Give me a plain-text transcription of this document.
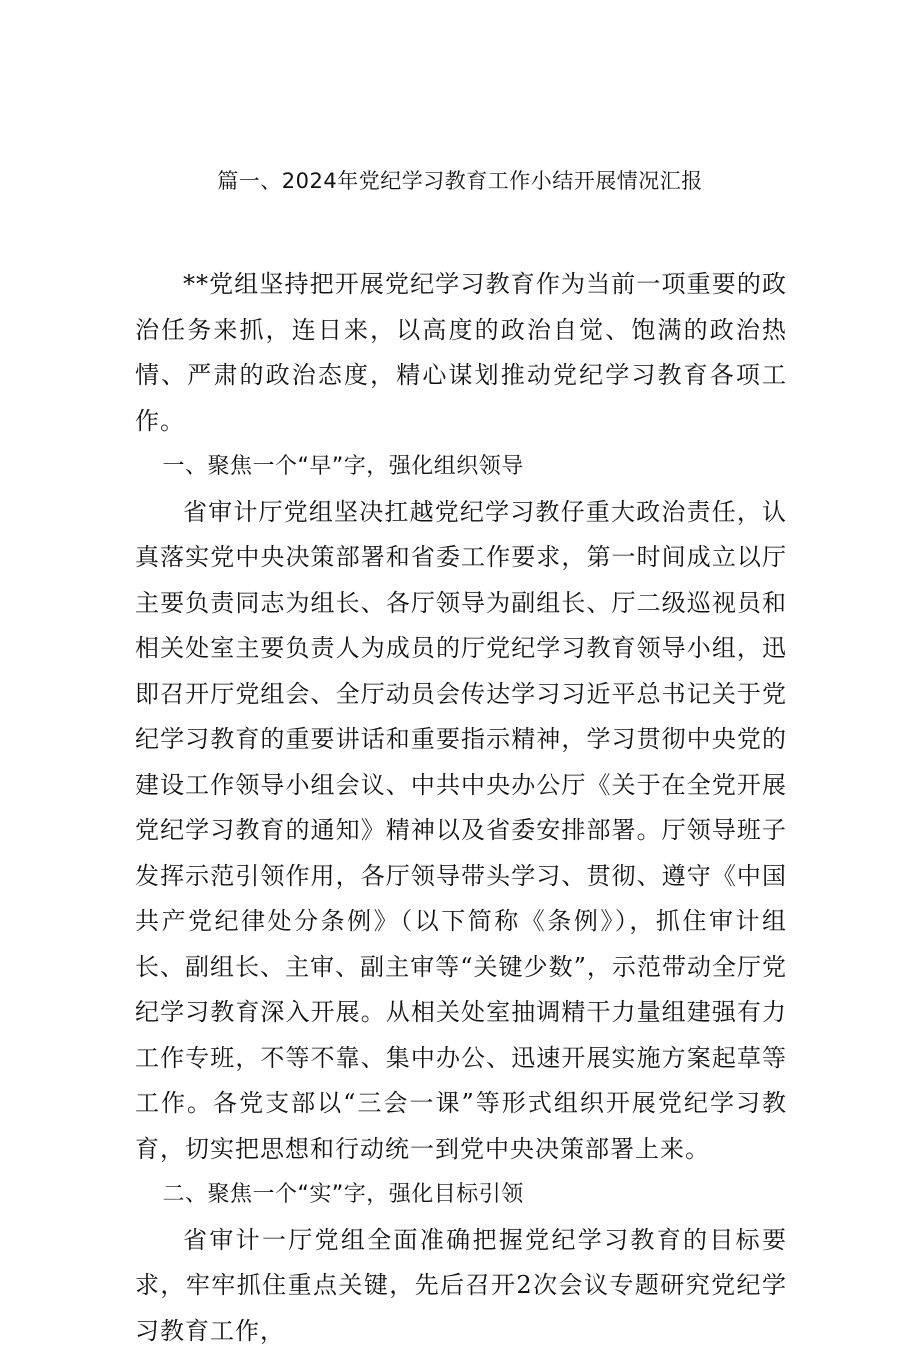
篇一、2024年党纪学习教育工作小结开展情况汇报

**党组坚持把开展党纪学习教育作为当前一项重要的政治任务来抓，连日来，以高度的政治自觉、饱满的政治热情、严肃的政治态度，精心谋划推动党纪学习教育各项工作。

一、聚焦一个“早”字，强化组织领导

省审计厅党组坚决扛越党纪学习教仔重大政治责任，认真落实党中央决策部署和省委工作要求，第一时间成立以厅主要负责同志为组长、各厅领导为副组长、厅二级巡视员和相关处室主要负责人为成员的厅党纪学习教育领导小组，迅即召开厅党组会、全厅动员会传达学习习近平总书记关于党纪学习教育的重要讲话和重要指示精神，学习贯彻中央党的建设工作领导小组会议、中共中央办公厅《关于在全党开展党纪学习教育的通知》精神以及省委安排部署。厅领导班子发挥示范引领作用，各厅领导带头学习、贯彻、遵守《中国共产党纪律处分条例》（以下简称《条例》），抓住审计组长、副组长、主审、副主审等“关键少数”，示范带动全厅党纪学习教育深入开展。从相关处室抽调精干力量组建强有力工作专班，不等不靠、集中办公、迅速开展实施方案起草等工作。各党支部以“三会一课”等形式组织开展党纪学习教育，切实把思想和行动统一到党中央决策部署上来。

二、聚焦一个“实”字，强化目标引领

省审计一厅党组全面准确把握党纪学习教育的目标要求，牢牢抓住重点关键，先后召开2次会议专题研究党纪学习教育工作，
